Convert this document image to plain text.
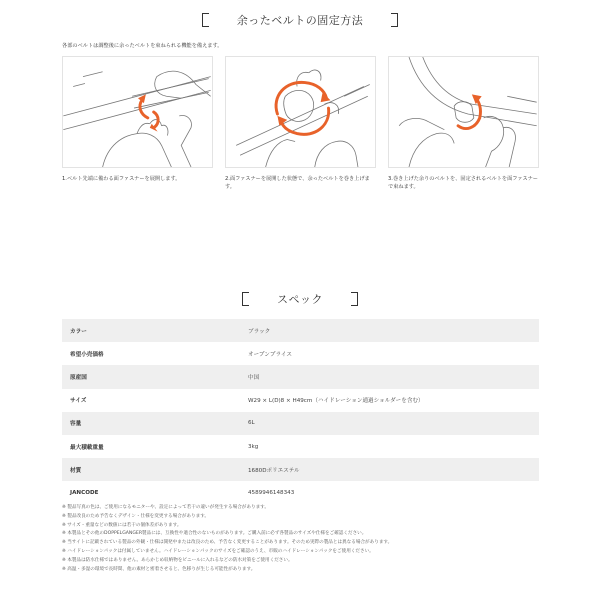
余ったベルトの固定方法
各部のベルトは調整後に余ったベルトを束ねられる機能を備えます。
1.ベルト先端に備わる面ファスナーを展開します。	2.面ファスナーを展開した状態で、余ったベルトを巻き上げます。
3.巻き上げた余りのベルトを、固定されるベルトを面ファスナーで束ねます。
スペック
カラー	ブラック
希望小売価格	オープンプライス
原産国	中国
サイズ	W29 × L(D)8 × H49cm（ハイドレーション通過ショルダーを含む）
容量	6L
最大積載重量	3kg
材質	1680Dポリエステル
JANCODE	4589946148343
※ 製品写真の色は、ご使用になるモニターや、設定によって若干の違いが発生する場合があります。
※ 製品改良のため予告なくデザイン・仕様を変更する場合があります。
※ サイズ・重量などの数値には若干の個体差があります。
※ 本製品とその他のDOPPELGANGER製品には、互換性や適合性のないものがあります。ご購入前に必ず各製品のサイズや仕様をご確認ください。
※ 当サイトに記載されている製品の外観・仕様は開発中または改良のため、予告なく変更することがあります。そのため実際の製品とは異なる場合があります。
※ ハイドレーションパックは付属していません。ハイドレーションパックのサイズをご確認のうえ、市販のハイドレーションパックをご使用ください。
※ 本製品は防水仕様ではありません。あらかじめ収納物をビニールに入れるなどの防水対策をご使用ください。
※ 高温・多湿の環境で長時間、他の素材と密着させると、色移りが生じる可能性があります。
